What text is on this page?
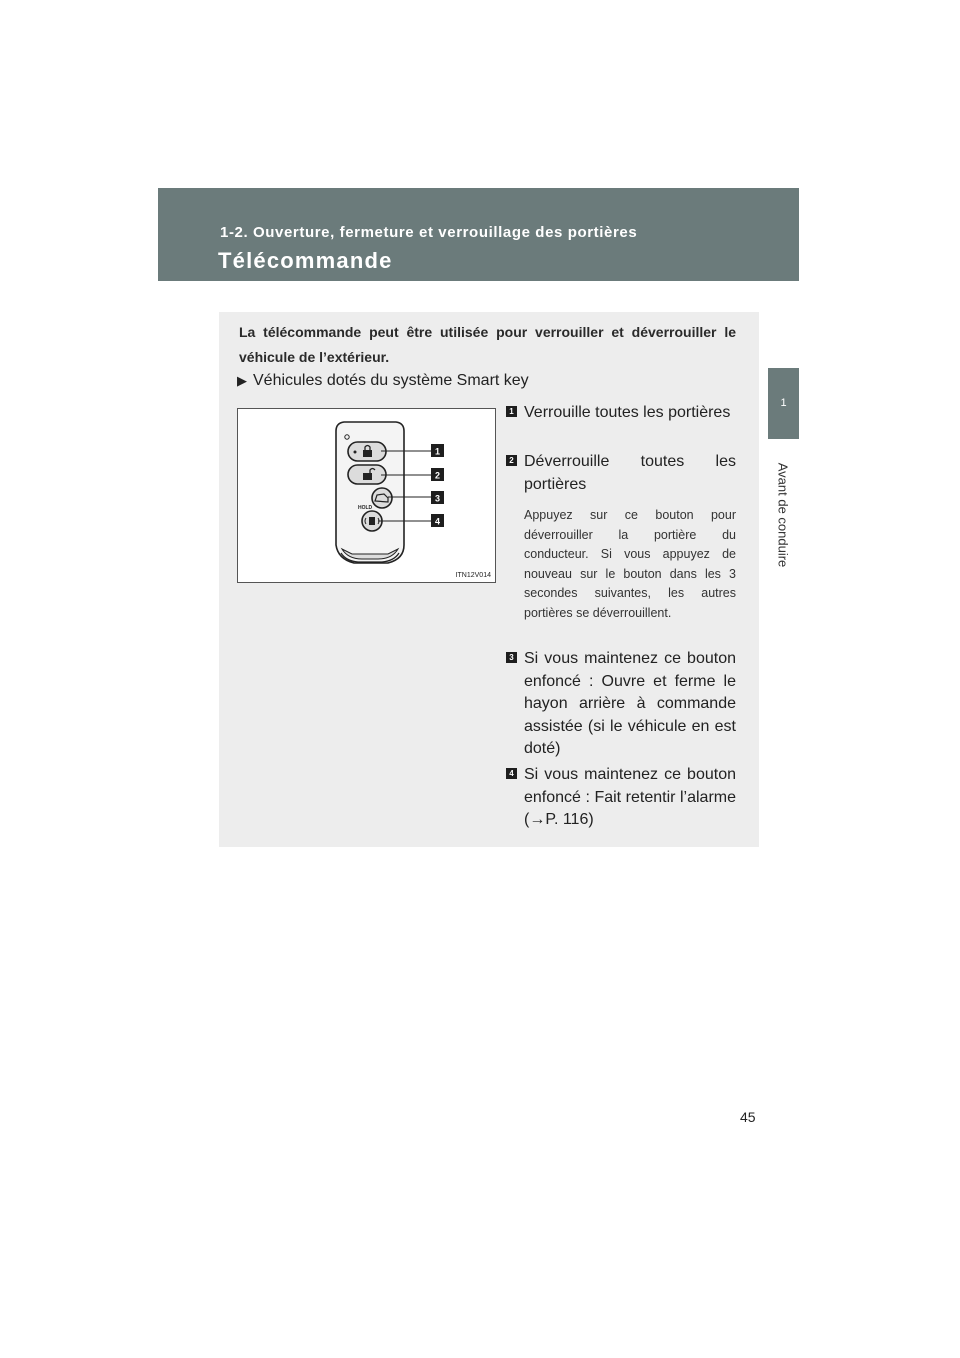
1-2. Ouverture, fermeture et verrouillage des portières
Télécommande
1
Avant de conduire
La télécommande peut être utilisée pour verrouiller et déverrouiller le véhicule de l’extérieur.
▶ Véhicules dotés du système Smart key
HOLD
1
2
3
4
ITN12V014
1 Verrouille toutes les portières
2 Déverrouille toutes les portières
Appuyez sur ce bouton pour déverrouiller la portière du conducteur. Si vous appuyez de nouveau sur le bouton dans les 3 secondes suivantes, les autres portières se déverrouillent.
3 Si vous maintenez ce bouton enfoncé : Ouvre et ferme le hayon arrière à commande assistée (si le véhicule en est doté)
4 Si vous maintenez ce bouton enfoncé : Fait retentir l’alarme (→P. 116)
45
